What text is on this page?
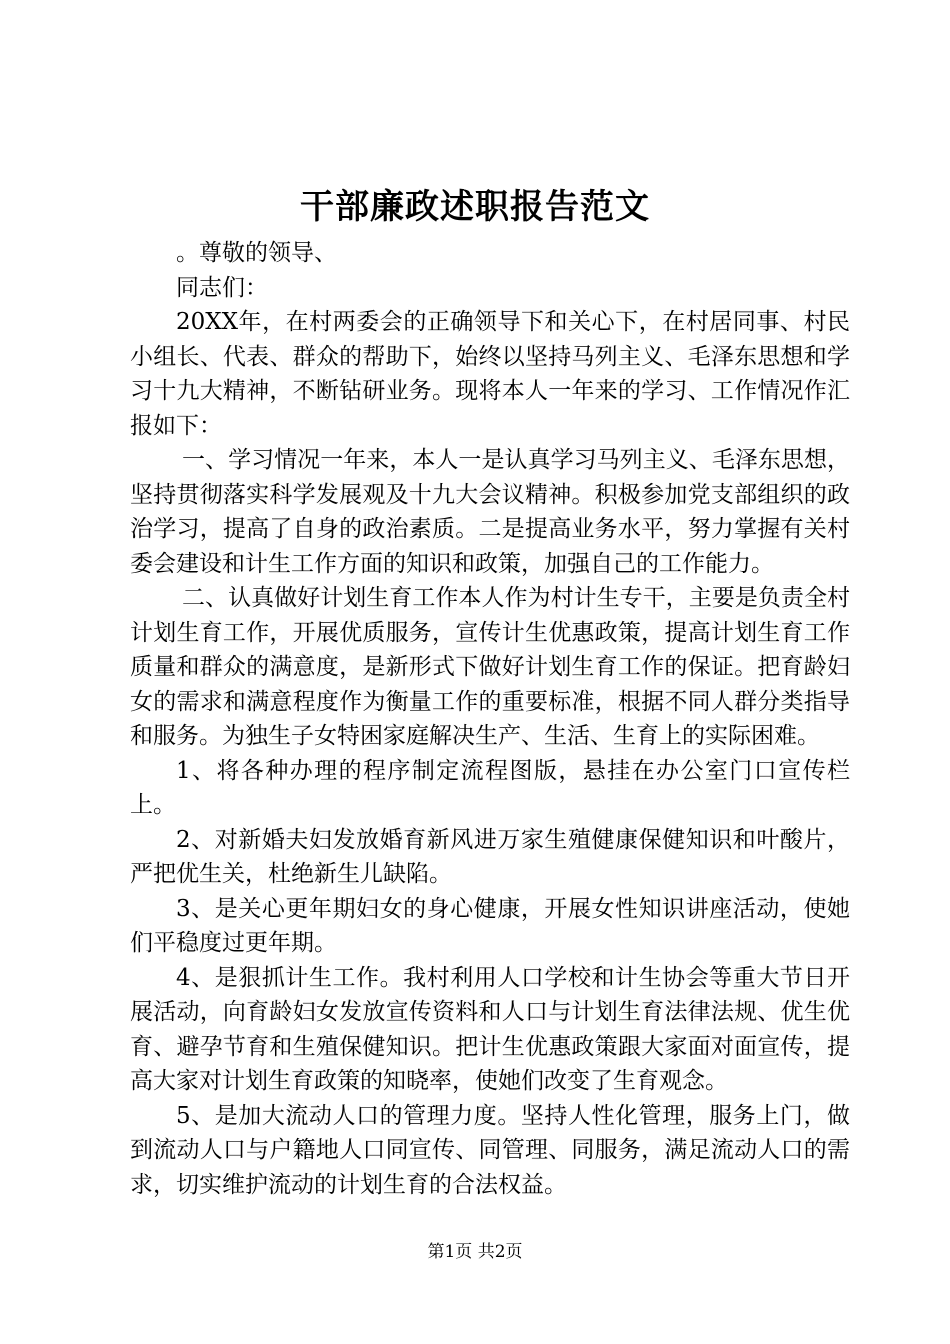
干部廉政述职报告范文

。尊敬的领导、

同志们：

20XX年，在村两委会的正确领导下和关心下，在村居同事、村民小组长、代表、群众的帮助下，始终以坚持马列主义、毛泽东思想和学习十九大精神，不断钻研业务。现将本人一年来的学习、工作情况作汇报如下：

一、学习情况一年来，本人一是认真学习马列主义、毛泽东思想，坚持贯彻落实科学发展观及十九大会议精神。积极参加党支部组织的政治学习，提高了自身的政治素质。二是提高业务水平，努力掌握有关村委会建设和计生工作方面的知识和政策，加强自己的工作能力。

二、认真做好计划生育工作本人作为村计生专干，主要是负责全村计划生育工作，开展优质服务，宣传计生优惠政策，提高计划生育工作质量和群众的满意度，是新形式下做好计划生育工作的保证。把育龄妇女的需求和满意程度作为衡量工作的重要标准，根据不同人群分类指导和服务。为独生子女特困家庭解决生产、生活、生育上的实际困难。

1、将各种办理的程序制定流程图版，悬挂在办公室门口宣传栏上。

2、对新婚夫妇发放婚育新风进万家生殖健康保健知识和叶酸片，严把优生关，杜绝新生儿缺陷。

3、是关心更年期妇女的身心健康，开展女性知识讲座活动，使她们平稳度过更年期。

4、是狠抓计生工作。我村利用人口学校和计生协会等重大节日开展活动，向育龄妇女发放宣传资料和人口与计划生育法律法规、优生优育、避孕节育和生殖保健知识。把计生优惠政策跟大家面对面宣传，提高大家对计划生育政策的知晓率，使她们改变了生育观念。

5、是加大流动人口的管理力度。坚持人性化管理，服务上门，做到流动人口与户籍地人口同宣传、同管理、同服务，满足流动人口的需求，切实维护流动的计划生育的合法权益。

第1页 共2页
